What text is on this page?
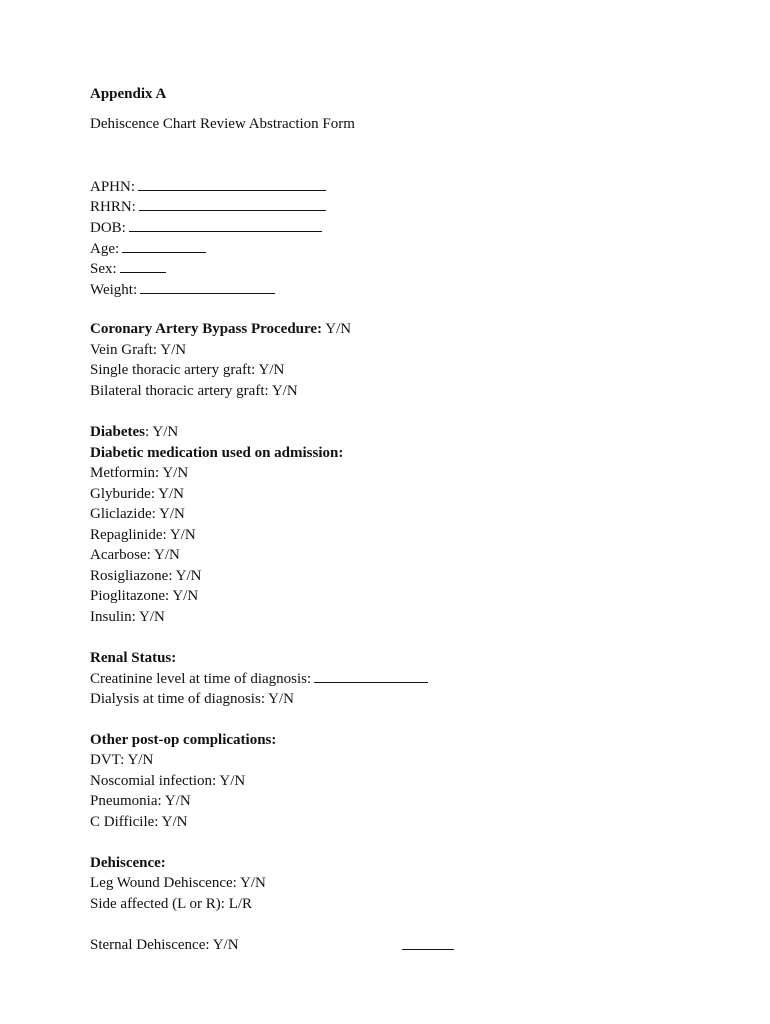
Appendix A
Dehiscence Chart Review Abstraction Form
APHN:
RHRN:
DOB:
Age:
Sex:
Weight:
Coronary Artery Bypass Procedure: Y/N
Vein Graft: Y/N
Single thoracic artery graft: Y/N
Bilateral thoracic artery graft: Y/N
Diabetes: Y/N
Diabetic medication used on admission:
Metformin: Y/N
Glyburide: Y/N
Gliclazide: Y/N
Repaglinide: Y/N
Acarbose: Y/N
Rosigliazone: Y/N
Pioglitazone: Y/N
Insulin: Y/N
Renal Status:
Creatinine level at time of diagnosis:
Dialysis at time of diagnosis: Y/N
Other post-op complications:
DVT: Y/N
Noscomial infection: Y/N
Pneumonia: Y/N
C Difficile: Y/N
Dehiscence:
Leg Wound Dehiscence: Y/N
Side affected (L or R): L/R
Sternal Dehiscence: Y/N
